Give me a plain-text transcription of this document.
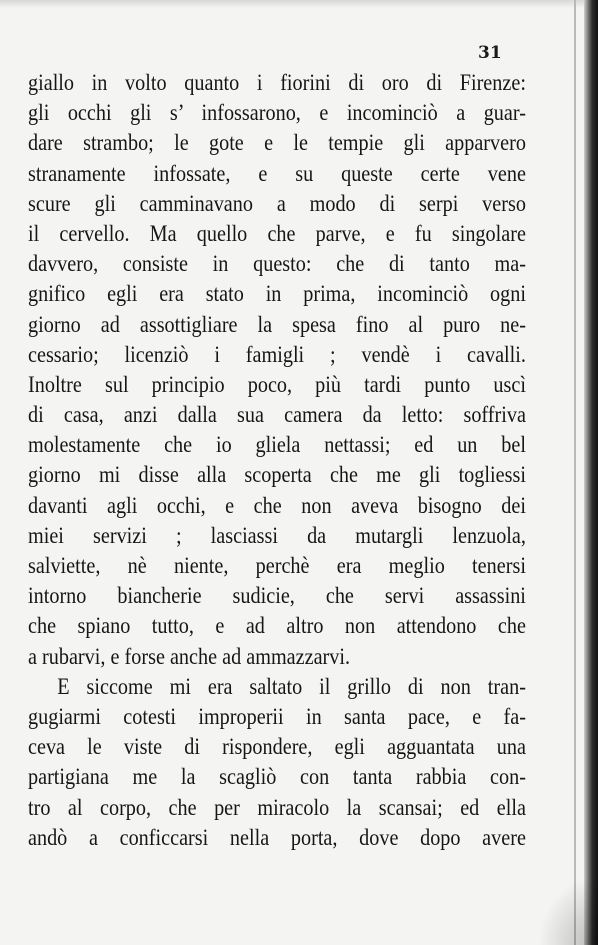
31
giallo in volto quanto i fiorini di oro di Firenze:
gli occhi gli s’ infossarono, e incominciò a guar-
dare strambo; le gote e le tempie gli apparvero
stranamente infossate, e su queste certe vene
scure gli camminavano a modo di serpi verso
il cervello. Ma quello che parve, e fu singolare
davvero, consiste in questo: che di tanto ma-
gnifico egli era stato in prima, incominciò ogni
giorno ad assottigliare la spesa fino al puro ne-
cessario; licenziò i famigli ; vendè i cavalli.
Inoltre sul principio poco, più tardi punto uscì
di casa, anzi dalla sua camera da letto: soffriva
molestamente che io gliela nettassi; ed un bel
giorno mi disse alla scoperta che me gli togliessi
davanti agli occhi, e che non aveva bisogno dei
miei servizi ; lasciassi da mutargli lenzuola,
salviette, nè niente, perchè era meglio tenersi
intorno biancherie sudicie, che servi assassini
che spiano tutto, e ad altro non attendono che
a rubarvi, e forse anche ad ammazzarvi.
E siccome mi era saltato il grillo di non tran-
gugiarmi cotesti improperii in santa pace, e fa-
ceva le viste di rispondere, egli agguantata una
partigiana me la scagliò con tanta rabbia con-
tro al corpo, che per miracolo la scansai; ed ella
andò a conficcarsi nella porta, dove dopo avere
